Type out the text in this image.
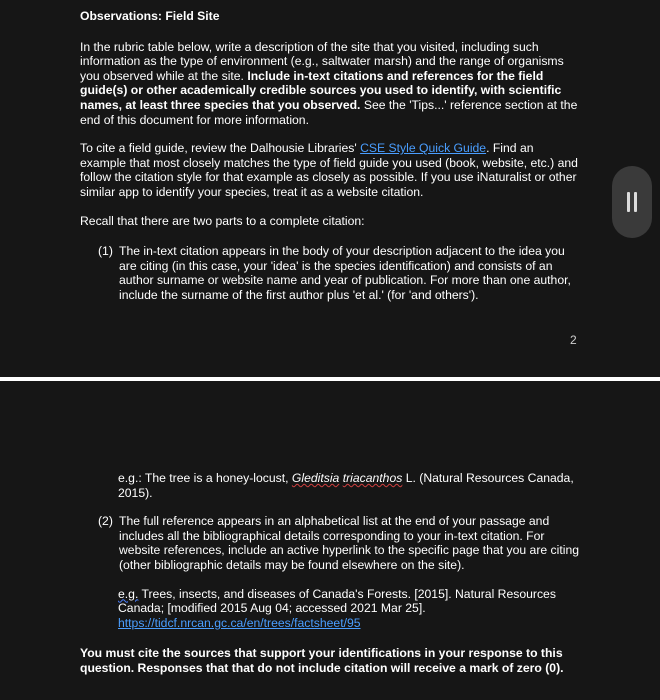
Observations: Field Site

In the rubric table below, write a description of the site that you visited, including such information as the type of environment (e.g., saltwater marsh) and the range of organisms you observed while at the site. Include in-text citations and references for the field guide(s) or other academically credible sources you used to identify, with scientific names, at least three species that you observed. See the 'Tips...' reference section at the end of this document for more information.

To cite a field guide, review the Dalhousie Libraries' CSE Style Quick Guide. Find an example that most closely matches the type of field guide you used (book, website, etc.) and follow the citation style for that example as closely as possible. If you use iNaturalist or other similar app to identify your species, treat it as a website citation.

Recall that there are two parts to a complete citation:

(1) The in-text citation appears in the body of your description adjacent to the idea you are citing (in this case, your 'idea' is the species identification) and consists of an author surname or website name and year of publication. For more than one author, include the surname of the first author plus 'et al.' (for 'and others').
2

e.g.: The tree is a honey-locust, Gleditsia triacanthos L. (Natural Resources Canada, 2015).

(2) The full reference appears in an alphabetical list at the end of your passage and includes all the bibliographical details corresponding to your in-text citation. For website references, include an active hyperlink to the specific page that you are citing (other bibliographic details may be found elsewhere on the site).

e.g. Trees, insects, and diseases of Canada's Forests. [2015]. Natural Resources Canada; [modified 2015 Aug 04; accessed 2021 Mar 25].
https://tidcf.nrcan.gc.ca/en/trees/factsheet/95

You must cite the sources that support your identifications in your response to this question. Responses that that do not include citation will receive a mark of zero (0).
